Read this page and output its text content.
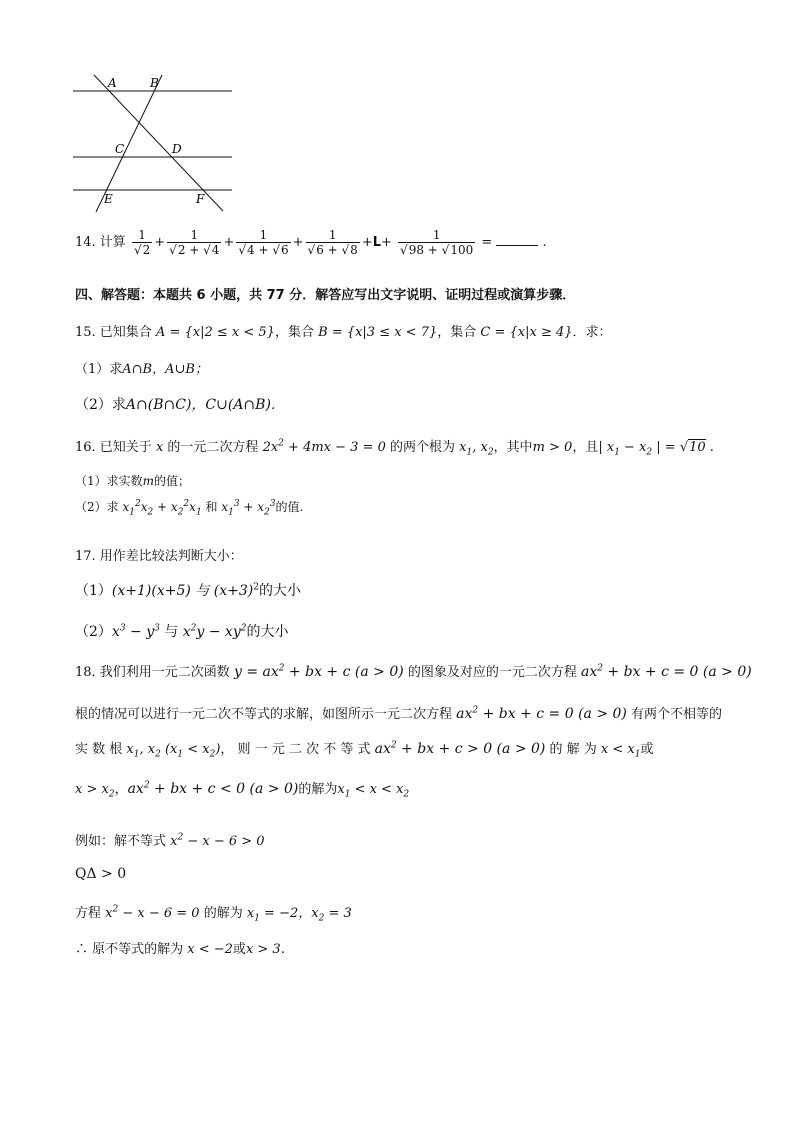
A	B
C	D
E	F
14. 计算 $\frac{1}{√2} + \frac{1}{√2 + √4} + \frac{1}{√4 + √6} + \frac{1}{√6 + √8} +L+ \frac{1}{√98 + √100}$ =	.
四、解答题：本题共 6 小题，共 77 分．解答应写出文字说明、证明过程或演算步骤．
15. 已知集合 A = {x|2 ≤ x < 5}，集合 B = {x|3 ≤ x < 7}，集合 C = {x|x ≥ 4}．求：
（1）求A∩B，A∪B；
（2）求A∩(B∩C)，C∪(A∩B)．
16. 已知关于 x 的一元二次方程 $2x^2 + 4mx - 3 = 0$ 的两个根为 $x_1$, $x_2$，其中m > 0，且| $x_1 - x_2$ | = √10 .
（1）求实数m的值；
（2）求 $x_1^2x_2 + x_2^2x_1$ 和 $x_1^3 + x_2^3$的值.
17. 用作差比较法判断大小：
（1）(x+1)(x+5) 与 $(x+3)^2$的大小
$(2)x^3 - y^3$ 与 $x^2y - xy^2$的大小
18. 我们利用一元二次函数 $y = ax^2$ + bx + c (a > 0) 的图象及对应的一元二次方程 $ax^2$ + bx + c = 0 (a > 0)
根的情况可以进行一元二次不等式的求解，如图所示一元二次方程 $ax^2$ + bx + c = 0 (a > 0) 有两个不相等的
实 数 根 $x_1$, $x_2$ $(x_1 < x_2)$， 则 一 元 二 次 不 等 式 $ax^2$ + bx + c > 0 (a > 0) 的 解 为 $x < x_1$或
$x > x_2$，$ax^2$ + bx + c < 0 (a > 0)的解为$x_1 < x < x_2$
例如：解不等式 $x^2 - x - 6 > 0$
QΔ > 0
方程 $x^2 - x - 6 = 0$ 的解为 $x_1 = -2$，$x_2 = 3$
∴ 原不等式的解为 x < −2或x > 3.
